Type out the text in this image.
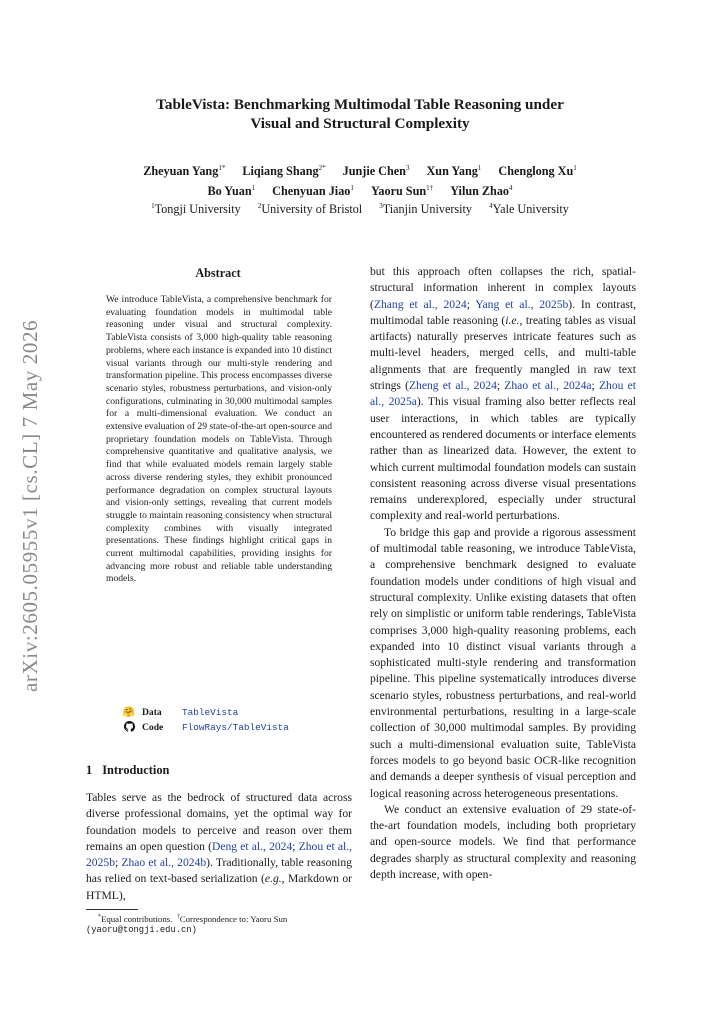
arXiv:2605.05955v1 [cs.CL] 7 May 2026
TableVista: Benchmarking Multimodal Table Reasoning under
Visual and Structural Complexity
Zheyuan Yang$^{1*}$ Liqiang Shang$^{2*}$ Junjie Chen$^3$ Xun Yang$^1$ Chenglong Xu$^1$
Bo Yuan$^1$ Chenyuan Jiao$^1$ Yaoru Sun$^{1\dagger}$ Yilun Zhao$^4$
$^1$Tongji University $^2$University of Bristol $^3$Tianjin University $^4$Yale University
Abstract
We introduce TableVista, a comprehensive benchmark for evaluating foundation models in multimodal table reasoning under visual and structural complexity. TableVista consists of 3,000 high-quality table reasoning problems, where each instance is expanded into 10 distinct visual variants through our multi-style rendering and transformation pipeline. This process encompasses diverse scenario styles, robustness perturbations, and vision-only configurations, culminating in 30,000 multimodal samples for a multi-dimensional evaluation. We conduct an extensive evaluation of 29 state-of-the-art open-source and proprietary foundation models on TableVista. Through comprehensive quantitative and qualitative analysis, we find that while evaluated models remain largely stable across diverse rendering styles, they exhibit pronounced performance degradation on complex structural layouts and vision-only settings, revealing that current models struggle to maintain reasoning consistency when structural complexity combines with visually integrated presentations. These findings highlight critical gaps in current multimodal capabilities, providing insights for advancing more robust and reliable table understanding models.
🤗 Data	TableVista
Code	FlowRays/TableVista
1 Introduction

Tables serve as the bedrock of structured data across diverse professional domains, yet the optimal way for foundation models to perceive and reason over them remains an open question (Deng et al., 2024; Zhou et al., 2025b; Zhao et al., 2024b). Traditionally, table reasoning has relied on text-based serialization (e.g., Markdown or HTML),

*Equal contributions. †Correspondence to: Yaoru Sun
(yaoru@tongji.edu.cn)

but this approach often collapses the rich, spatial-structural information inherent in complex layouts (Zhang et al., 2024; Yang et al., 2025b). In contrast, multimodal table reasoning (i.e., treating tables as visual artifacts) naturally preserves intricate features such as multi-level headers, merged cells, and multi-table alignments that are frequently mangled in raw text strings (Zheng et al., 2024; Zhao et al., 2024a; Zhou et al., 2025a). This visual framing also better reflects real user interactions, in which tables are typically encountered as rendered documents or interface elements rather than as linearized data. However, the extent to which current multimodal foundation models can sustain consistent reasoning across diverse visual presentations remains underexplored, especially under structural complexity and real-world perturbations.

To bridge this gap and provide a rigorous assessment of multimodal table reasoning, we introduce TableVista, a comprehensive benchmark designed to evaluate foundation models under conditions of high visual and structural complexity. Unlike existing datasets that often rely on simplistic or uniform table renderings, TableVista comprises 3,000 high-quality reasoning problems, each expanded into 10 distinct visual variants through a sophisticated multi-style rendering and transformation pipeline. This pipeline systematically introduces diverse scenario styles, robustness perturbations, and real-world environmental perturbations, resulting in a large-scale collection of 30,000 multimodal samples. By providing such a multi-dimensional evaluation suite, TableVista forces models to go beyond basic OCR-like recognition and demands a deeper synthesis of visual perception and logical reasoning across heterogeneous presentations.

We conduct an extensive evaluation of 29 state-of-the-art foundation models, including both proprietary and open-source models. We find that performance degrades sharply as structural complexity and reasoning depth increase, with open-
